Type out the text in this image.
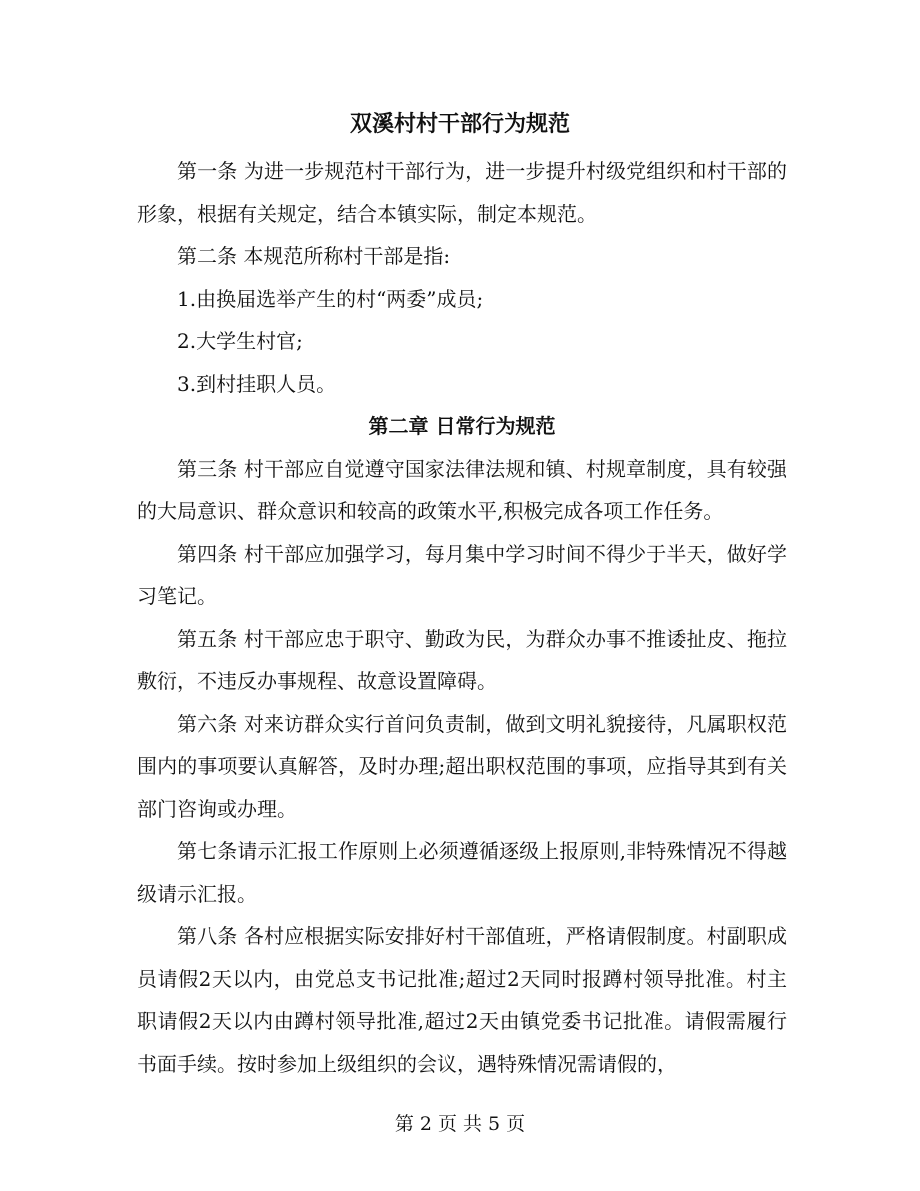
双溪村村干部行为规范

第一条 为进一步规范村干部行为，进一步提升村级党组织和村干部的形象，根据有关规定，结合本镇实际，制定本规范。

第二条 本规范所称村干部是指:

1.由换届选举产生的村“两委”成员;

2.大学生村官;

3.到村挂职人员。

第二章 日常行为规范

第三条 村干部应自觉遵守国家法律法规和镇、村规章制度，具有较强的大局意识、群众意识和较高的政策水平,积极完成各项工作任务。

第四条 村干部应加强学习，每月集中学习时间不得少于半天，做好学习笔记。

第五条 村干部应忠于职守、勤政为民，为群众办事不推诿扯皮、拖拉敷衍，不违反办事规程、故意设置障碍。

第六条 对来访群众实行首问负责制，做到文明礼貌接待，凡属职权范围内的事项要认真解答，及时办理;超出职权范围的事项，应指导其到有关部门咨询或办理。

第七条请示汇报工作原则上必须遵循逐级上报原则,非特殊情况不得越级请示汇报。

第八条 各村应根据实际安排好村干部值班，严格请假制度。村副职成员请假2天以内，由党总支书记批准;超过2天同时报蹲村领导批准。村主职请假2天以内由蹲村领导批准,超过2天由镇党委书记批准。请假需履行书面手续。按时参加上级组织的会议，遇特殊情况需请假的，

第 2 页 共 5 页
